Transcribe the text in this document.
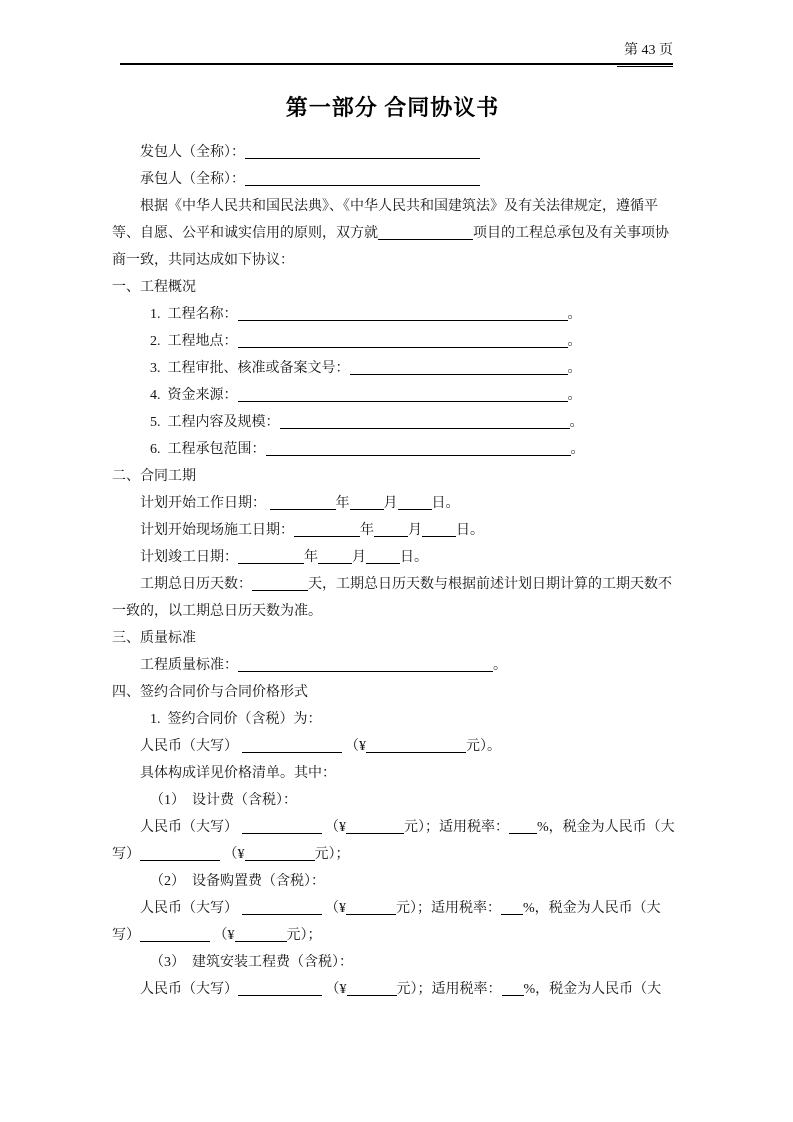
第 43 页
第一部分 合同协议书
发包人（全称）：
承包人（全称）：
根据《中华人民共和国民法典》、《中华人民共和国建筑法》及有关法律规定，遵循平
等、自愿、公平和诚实信用的原则，双方就	项目的工程总承包及有关事项协
商一致，共同达成如下协议：
一、工程概况
1.  工程名称：	。
2.  工程地点：	。
3.  工程审批、核准或备案文号：	。
4.  资金来源：	。
5.  工程内容及规模：	。
6.  工程承包范围：	。
二、合同工期
计划开始工作日期：	年 月 日。
计划开始现场施工日期：	年 月 日。
计划竣工日期：	年 月 日。
工期总日历天数：	天，工期总日历天数与根据前述计划日期计算的工期天数不
一致的，以工期总日历天数为准。
三、质量标准
工程质量标准：	。
四、签约合同价与合同价格形式
1.  签约合同价（含税）为：
人民币（大写）	（¥	元）。
具体构成详见价格清单。其中：
（1）  设计费（含税）：
人民币（大写）	（¥	元）；适用税率： %，税金为人民币（大
写）	（¥	元）；
（2）  设备购置费（含税）：
人民币（大写）	（¥	元）；适用税率： %，税金为人民币（大
写）	（¥	元）；
（3）  建筑安装工程费（含税）：
人民币（大写）	（¥	元）；适用税率： %，税金为人民币（大
